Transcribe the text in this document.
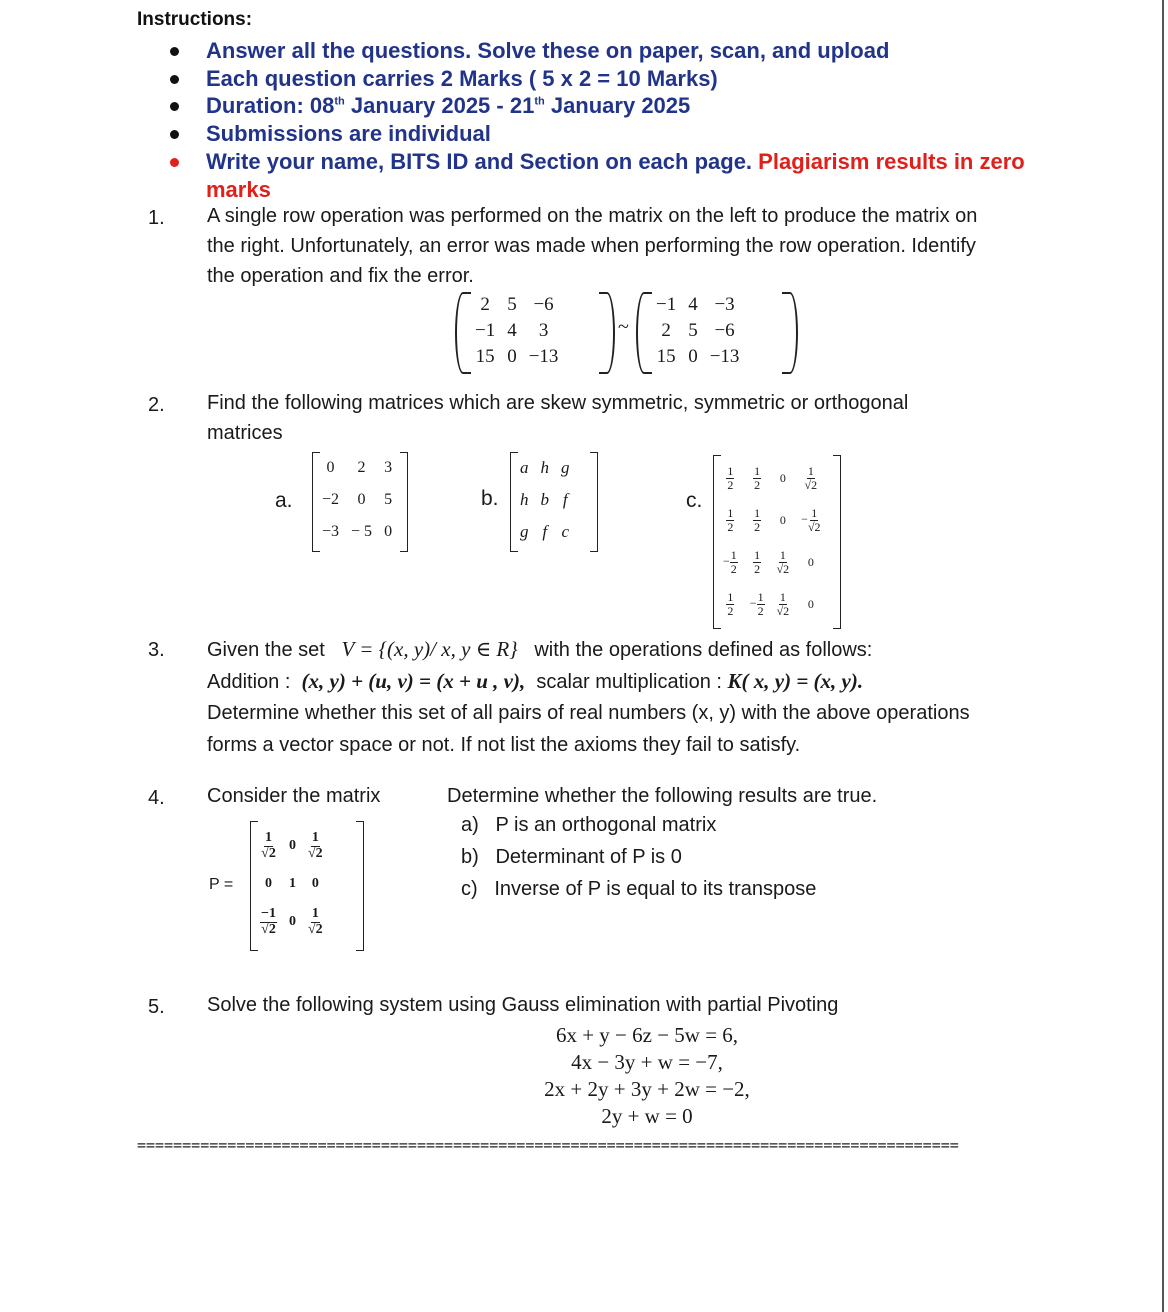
Instructions:
Answer all the questions. Solve these on paper, scan, and upload
Each question carries 2 Marks ( 5 x 2 = 10 Marks)
Duration: 08th January 2025 - 21th January 2025
Submissions are individual
Write your name, BITS ID and Section on each page. Plagiarism results in zero
marks
1. A single row operation was performed on the matrix on the left to produce the matrix on
the right. Unfortunately, an error was made when performing the row operation. Identify
the operation and fix the error.
2	5	−6
−1	4	3
15	0	−13
~
−1	4	−3
2	5	−6
15	0	−13
2. Find the following matrices which are skew symmetric, symmetric or orthogonal
matrices
a.
0	2	3
−2	0	5
−3	− 5	0
b.
a	h	g
h	b	f
g	f	c
c.
$\frac{1}{2}$	$\frac{1}{2}$	0	$\frac{1}{√2}$

$\frac{1}{2}$	$\frac{1}{2}$	0	− $\frac{1}{√2}$

− $\frac{1}{2}$	$\frac{1}{2}$	$\frac{1}{√2}$	0

$\frac{1}{2}$	− $\frac{1}{2}$	$\frac{1}{√2}$	0
3. Given the set V = {(x, y)/ x, y ∈ R} with the operations defined as follows:
Addition : (x, y) + (u, v) = (x + u , v), scalar multiplication : K( x, y) = (x, y).
Determine whether this set of all pairs of real numbers (x, y) with the above operations
forms a vector space or not. If not list the axioms they fail to satisfy.
4. Consider the matrix	Determine whether the following results are true.
P =
$\frac{1}{√2}$	0	$\frac{1}{√2}$

0	1	0

$\frac{-1}{√2}$	0	$\frac{1}{√2}$
a) P is an orthogonal matrix
b) Determinant of P is 0
c) Inverse of P is equal to its transpose
5. Solve the following system using Gauss elimination with partial Pivoting
6x + y − 6z − 5w = 6,
4x − 3y + w = −7,
2x + 2y + 3y + 2w = −2,
2y + w = 0
===========================================================================================
